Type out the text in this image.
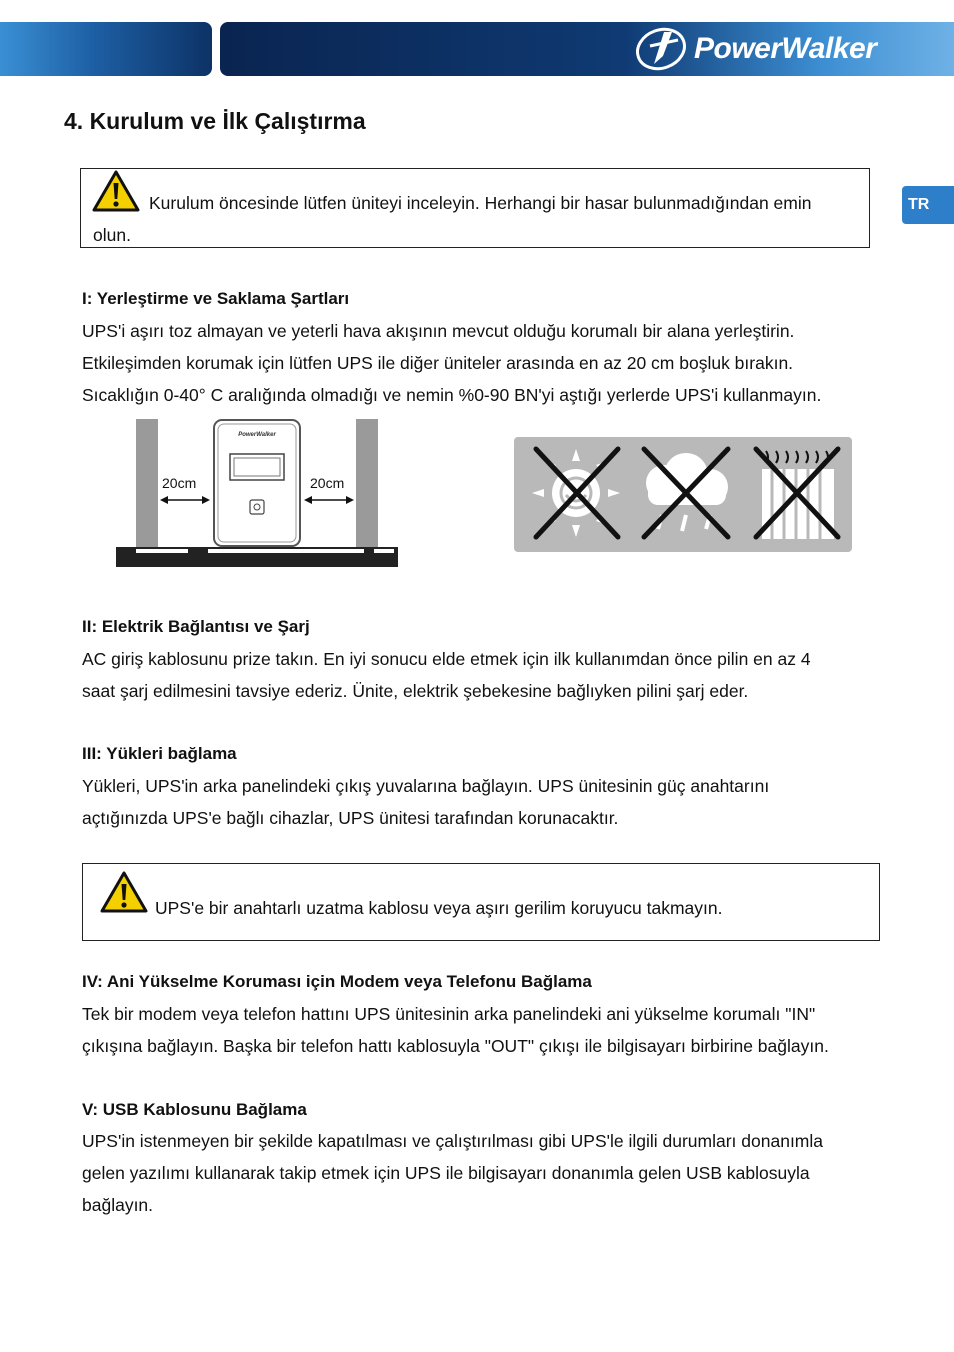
PowerWalker
4. Kurulum ve İlk Çalıştırma
TR
Kurulum öncesinde lütfen üniteyi inceleyin. Herhangi bir hasar bulunmadığından emin olun.
I: Yerleştirme ve Saklama Şartları
UPS'i aşırı toz almayan ve yeterli hava akışının mevcut olduğu korumalı bir alana yerleştirin.
Etkileşimden korumak için lütfen UPS ile diğer üniteler arasında en az 20 cm boşluk bırakın.
Sıcaklığın 0-40° C aralığında olmadığı ve nemin %0-90 BN'yi aştığı yerlerde UPS'i kullanmayın.
PowerWalker
20cm	20cm
II: Elektrik Bağlantısı ve Şarj
AC giriş kablosunu prize takın. En iyi sonucu elde etmek için ilk kullanımdan önce pilin en az 4
saat şarj edilmesini tavsiye ederiz. Ünite, elektrik şebekesine bağlıyken pilini şarj eder.
III: Yükleri bağlama
Yükleri, UPS'in arka panelindeki çıkış yuvalarına bağlayın. UPS ünitesinin güç anahtarını
açtığınızda UPS'e bağlı cihazlar, UPS ünitesi tarafından korunacaktır.
UPS'e bir anahtarlı uzatma kablosu veya aşırı gerilim koruyucu takmayın.
IV: Ani Yükselme Koruması için Modem veya Telefonu Bağlama
Tek bir modem veya telefon hattını UPS ünitesinin arka panelindeki ani yükselme korumalı "IN"
çıkışına bağlayın. Başka bir telefon hattı kablosuyla "OUT" çıkışı ile bilgisayarı birbirine bağlayın.
V: USB Kablosunu Bağlama
UPS'in istenmeyen bir şekilde kapatılması ve çalıştırılması gibi UPS'le ilgili durumları donanımla
gelen yazılımı kullanarak takip etmek için UPS ile bilgisayarı donanımla gelen USB kablosuyla
bağlayın.
